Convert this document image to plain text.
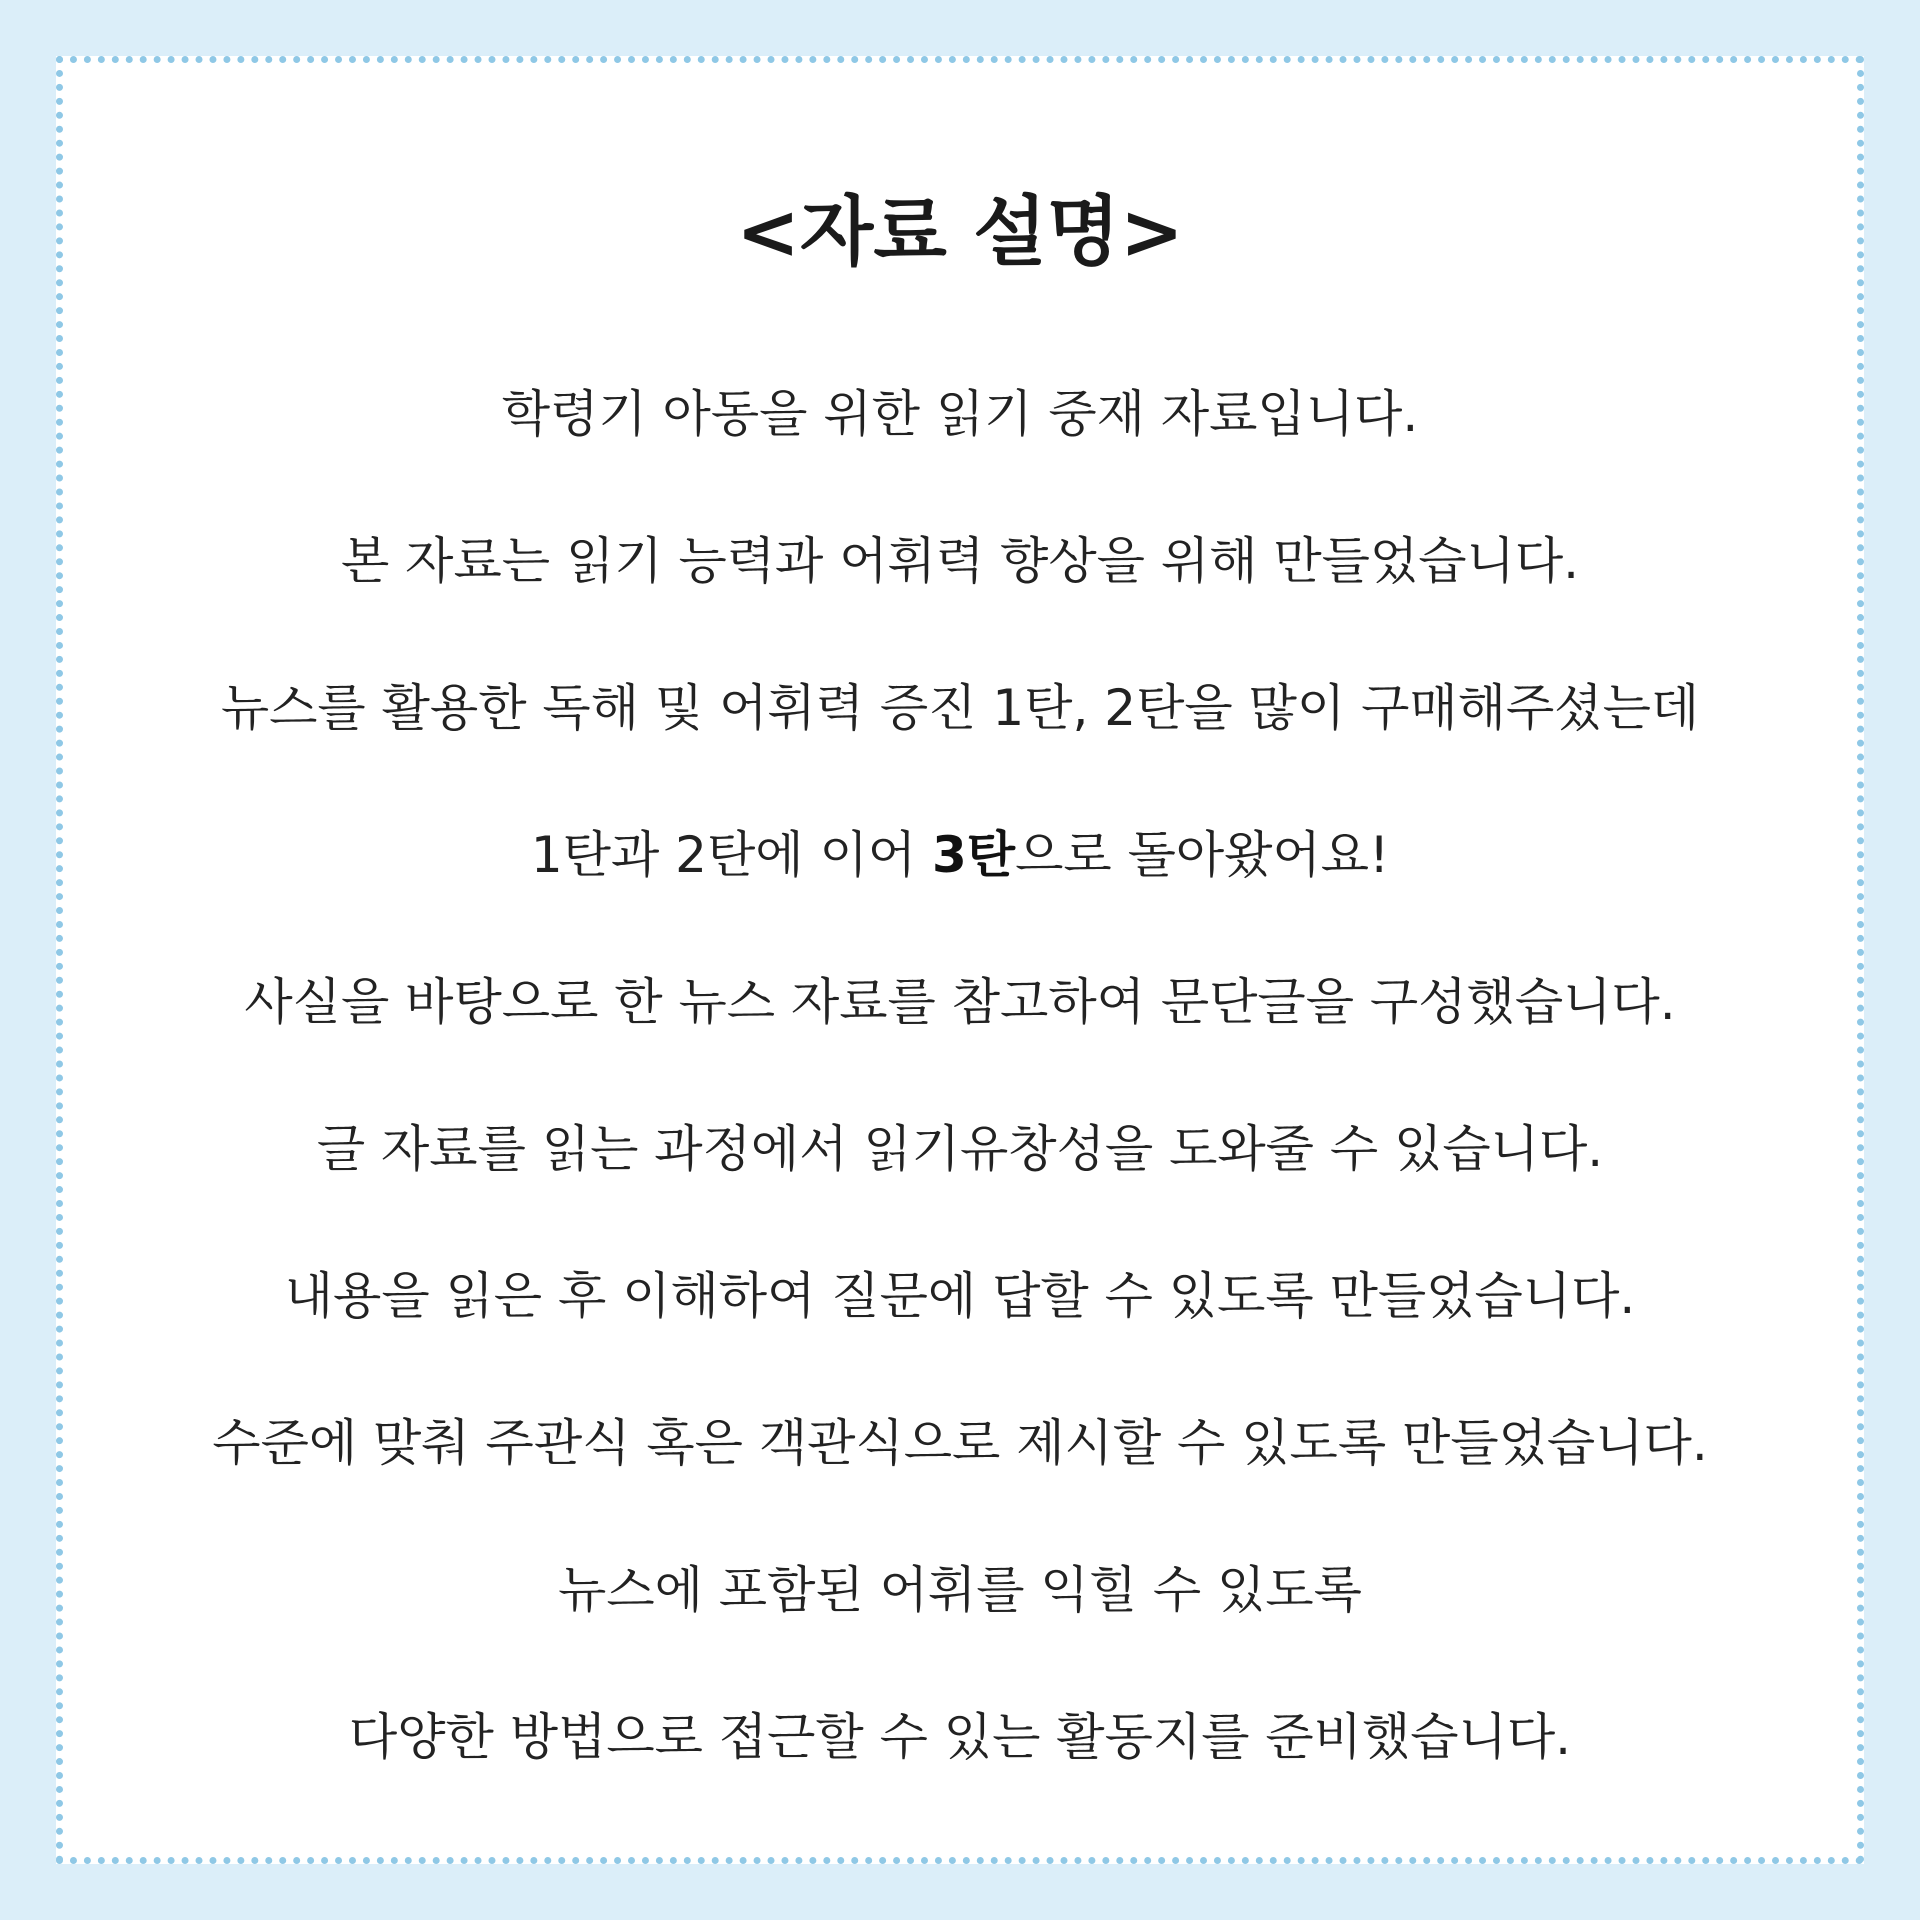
<자료 설명>
학령기 아동을 위한 읽기 중재 자료입니다.
본 자료는 읽기 능력과 어휘력 향상을 위해 만들었습니다.
뉴스를 활용한 독해 및 어휘력 증진 1탄, 2탄을 많이 구매해주셨는데
1탄과 2탄에 이어 3탄으로 돌아왔어요!
사실을 바탕으로 한 뉴스 자료를 참고하여 문단글을 구성했습니다.
글 자료를 읽는 과정에서 읽기유창성을 도와줄 수 있습니다.
내용을 읽은 후 이해하여 질문에 답할 수 있도록 만들었습니다.
수준에 맞춰 주관식 혹은 객관식으로 제시할 수 있도록 만들었습니다.
뉴스에 포함된 어휘를 익힐 수 있도록
다양한 방법으로 접근할 수 있는 활동지를 준비했습니다.
